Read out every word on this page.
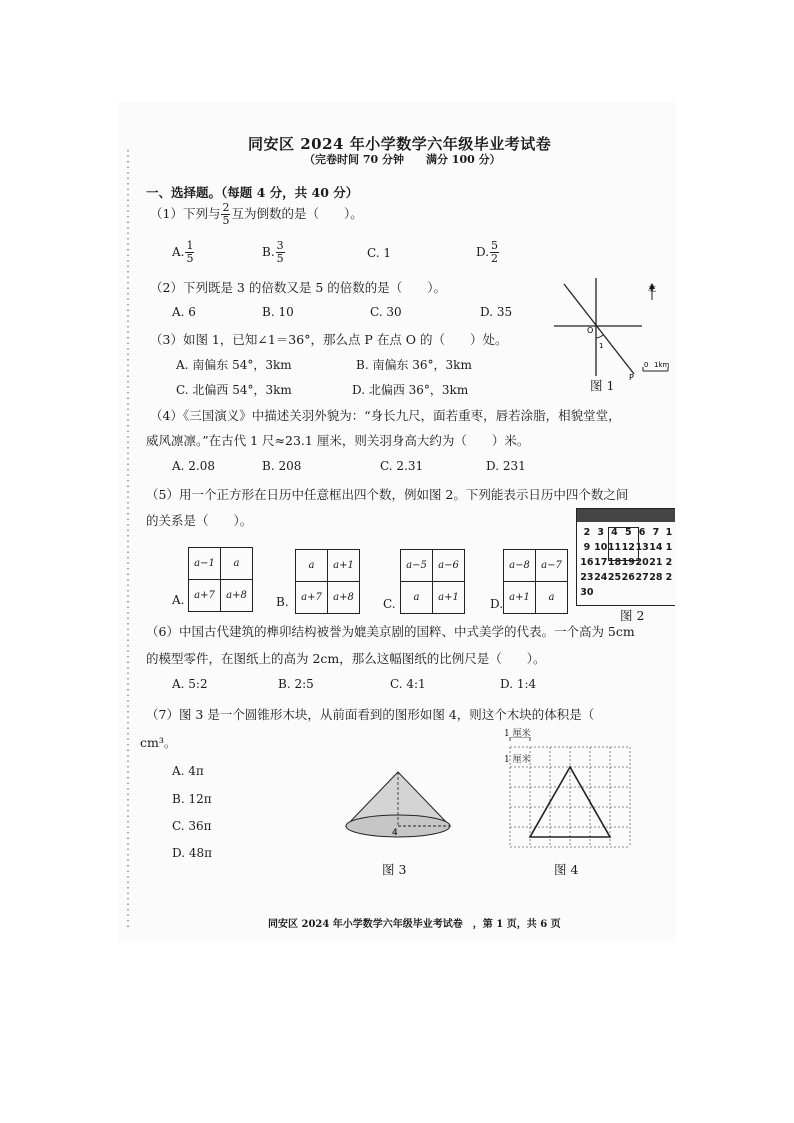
同安区 2024 年小学数学六年级毕业考试卷
（完卷时间 70 分钟　　满分 100 分）
一、选择题。（每题 4 分，共 40 分）
（1）下列与 $\frac{2}{5}$ 互为倒数的是（　　）。
A. $\frac{1}{5}$	B. $\frac{3}{5}$	C. 1	D. $\frac{5}{2}$
（2）下列既是 3 的倍数又是 5 的倍数的是（　　）。
A. 6	B. 10	C. 30	D. 35
（3）如图 1，已知∠1＝36°，那么点 P 在点 O 的（　　）处。
A. 南偏东 54°，3km	B. 南偏东 36°，3km
C. 北偏西 54°，3km	D. 北偏西 36°，3km
北
O
P
1
0 1km
图 1
（4）《三国演义》中描述关羽外貌为：“身长九尺，面若重枣，唇若涂脂，相貌堂堂，
威风凛凛。”在古代 1 尺≈23.1 厘米，则关羽身高大约为（　　）米。
A. 2.08	B. 208	C. 2.31	D. 231
（5）用一个正方形在日历中任意框出四个数，例如图 2。下列能表示日历中四个数之间
的关系是（　　）。
A.
a−1	a
a+7	a+8 B.
a	a+1
a+7	a+8 C.
a−5	a−6
a	a+1	D.
a−8	a−7
a+1	a
2	3	4	5	6	7	1
9	10	11	12	13	14	1
16	17	18	19	20	21	2
23	24	25	26	27	28	2
30						
图 2
（6）中国古代建筑的榫卯结构被誉为媲美京剧的国粹、中式美学的代表。一个高为 5cm
的模型零件，在图纸上的高为 2cm，那么这幅图纸的比例尺是（　　）。
A. 5:2	B. 2:5	C. 4:1	D. 1:4
（7）图 3 是一个圆锥形木块，从前面看到的图形如图 4，则这个木块的体积是（
cm³。
A. 4π
B. 12π
C. 36π
D. 48π
4
图 3
1 厘米
1 厘米
图 4
同安区 2024 年小学数学六年级毕业考试卷　，第 1 页，共 6 页
